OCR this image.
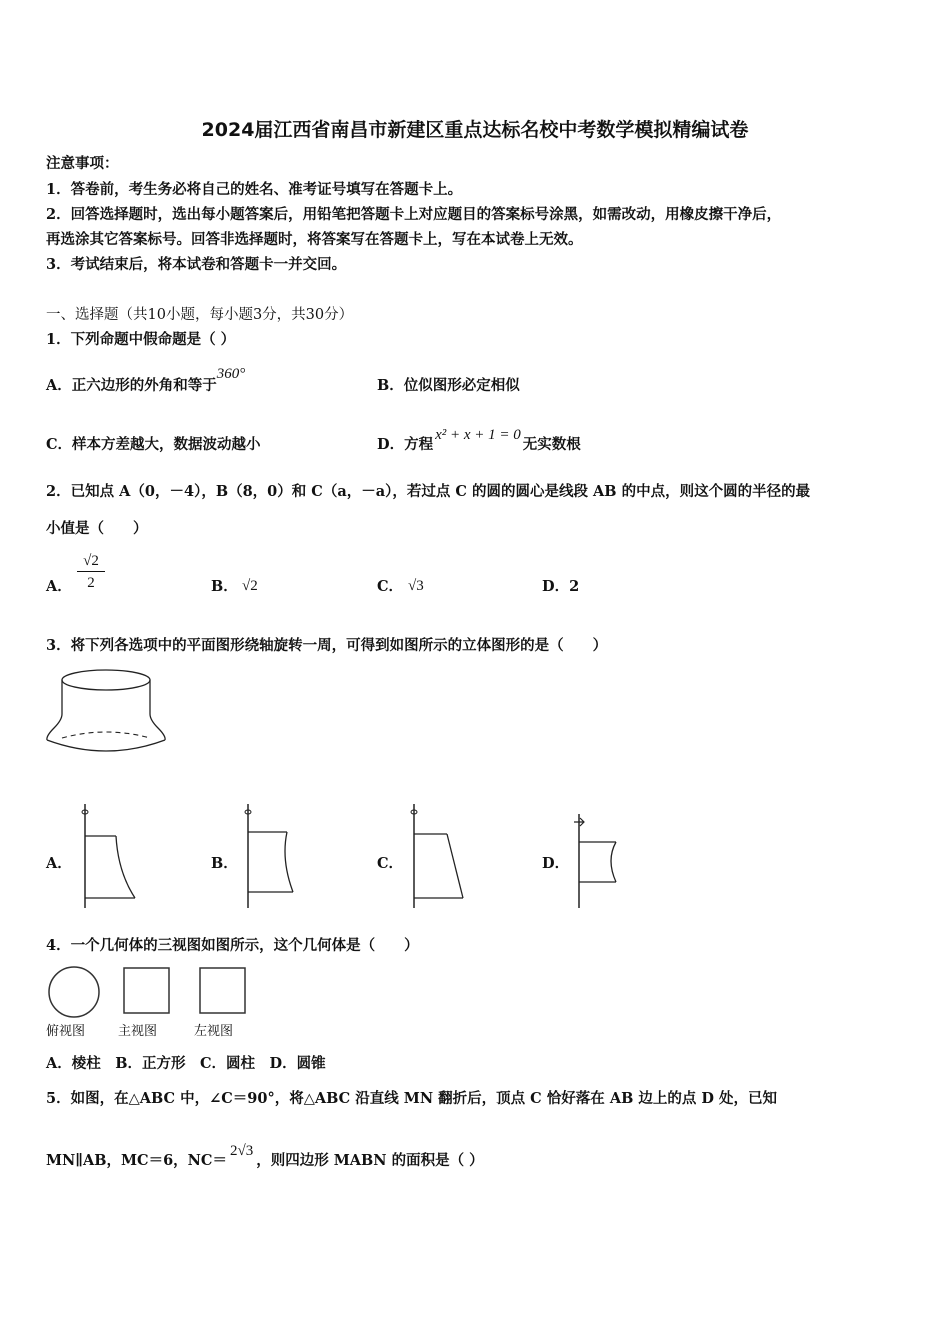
2024届江西省南昌市新建区重点达标名校中考数学模拟精编试卷
注意事项：
1．答卷前，考生务必将自己的姓名、准考证号填写在答题卡上。
2．回答选择题时，选出每小题答案后，用铅笔把答题卡上对应题目的答案标号涂黑，如需改动，用橡皮擦干净后，
再选涂其它答案标号。回答非选择题时，将答案写在答题卡上，写在本试卷上无效。
3．考试结束后，将本试卷和答题卡一并交回。
一、选择题（共10小题，每小题3分，共30分）
1．下列命题中假命题是（ ）
A．正六边形的外角和等于360°
B．位似图形必定相似
C．样本方差越大，数据波动越小	D．方程x² + x + 1 = 0无实数根
2．已知点 A（0，－4），B（8，0）和 C（a，－a），若过点 C 的圆的圆心是线段 AB 的中点，则这个圆的半径的最
小值是（　　）
A． $\frac{√2}{2}$	B． √2	C． √3	D．2
3．将下列各选项中的平面图形绕轴旋转一周，可得到如图所示的立体图形的是（　　）
A．	B．	C．	D．
4．一个几何体的三视图如图所示，这个几何体是（　　）
俯视图	主视图	左视图
A．棱柱　B．正方形　C．圆柱　D．圆锥
5．如图，在△ABC 中，∠C＝90°，将△ABC 沿直线 MN 翻折后，顶点 C 恰好落在 AB 边上的点 D 处，已知
MN∥AB，MC＝6，NC＝2√3，则四边形 MABN 的面积是（ ）
